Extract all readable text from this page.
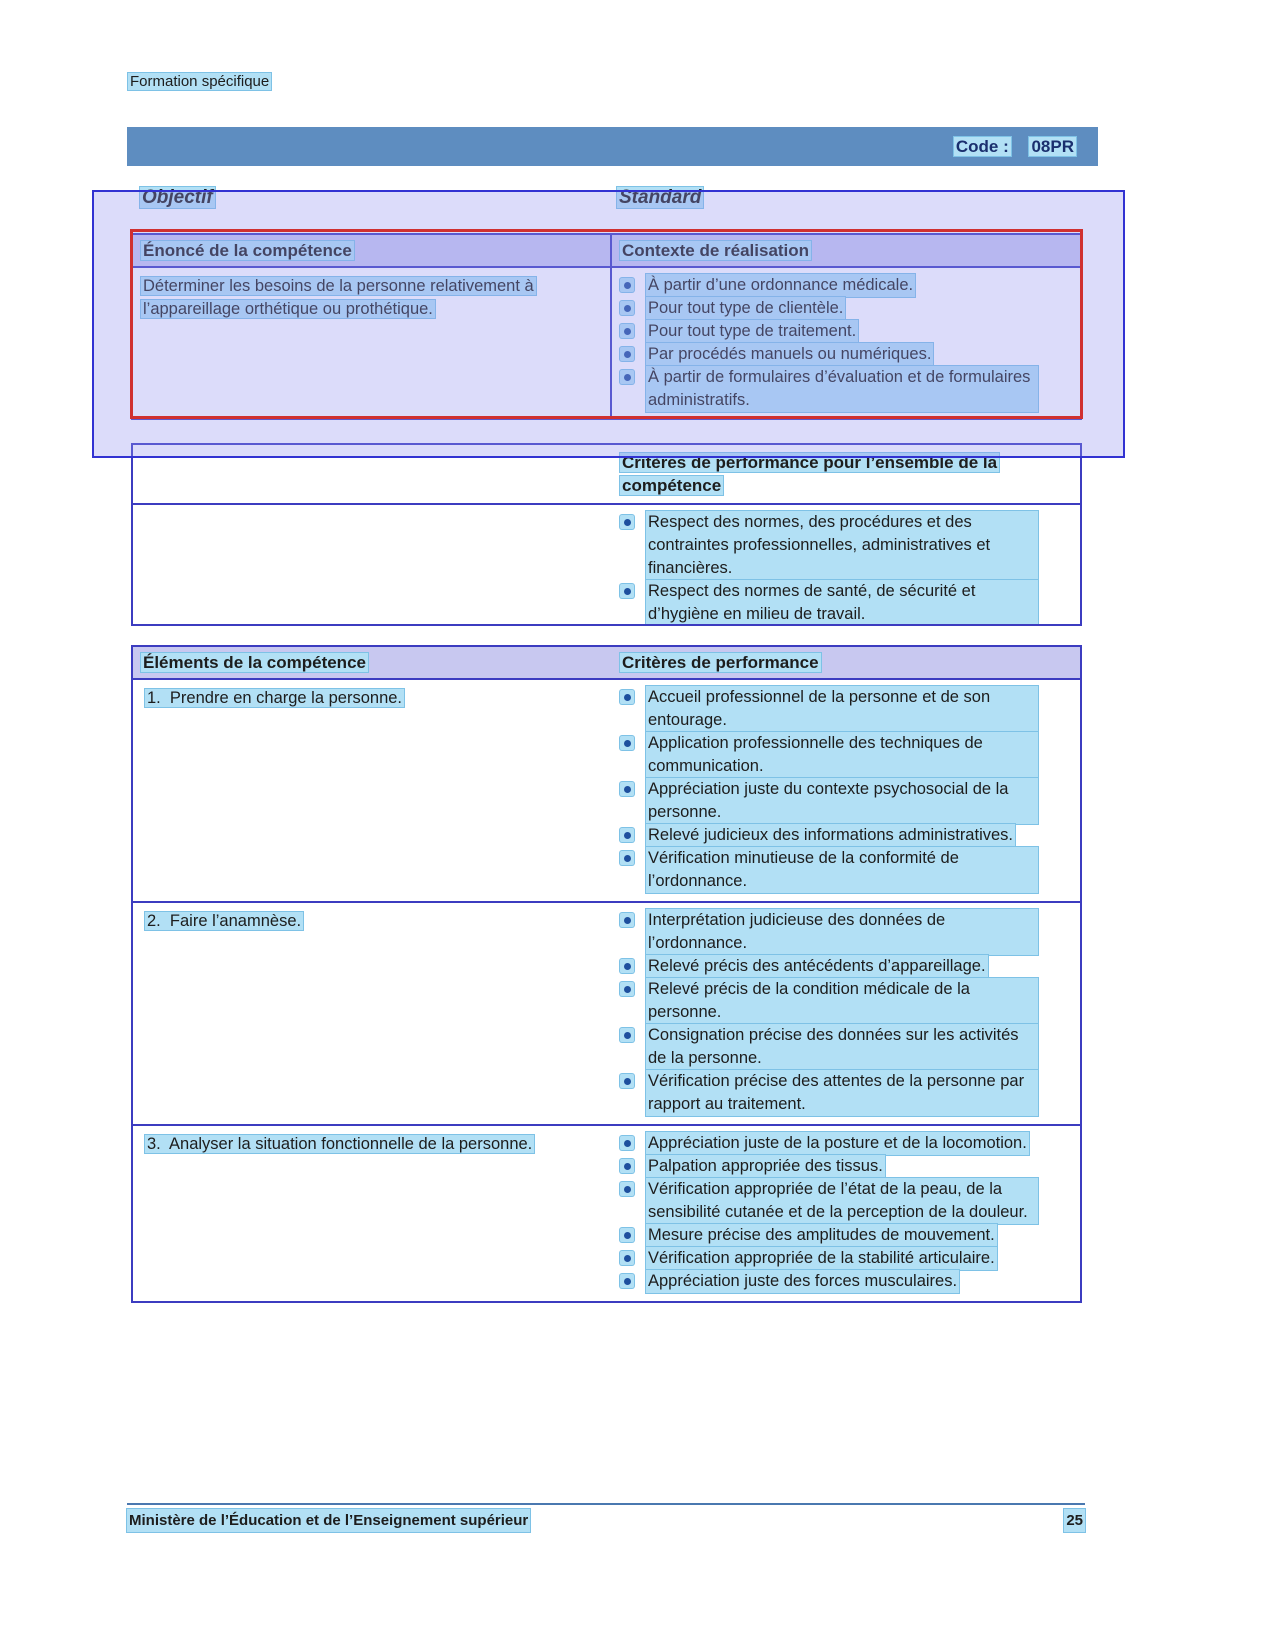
Formation spécifique
Code : 08PR
Objectif	Standard
Énoncé de la compétence	Contexte de réalisation
Déterminer les besoins de la personne relativement à l’appareillage orthétique ou prothétique.
À partir d’une ordonnance médicale.
Pour tout type de clientèle.
Pour tout type de traitement.
Par procédés manuels ou numériques.
À partir de formulaires d’évaluation et de formulaires administratifs.
Critères de performance pour l’ensemble de la compétence
Respect des normes, des procédures et des contraintes professionnelles, administratives et financières.
Respect des normes de santé, de sécurité et d’hygiène en milieu de travail.
Éléments de la compétence	Critères de performance
1.  Prendre en charge la personne.	Accueil professionnel de la personne et de son entourage.
Application professionnelle des techniques de communication.
Appréciation juste du contexte psychosocial de la personne.
Relevé judicieux des informations administratives.
Vérification minutieuse de la conformité de l’ordonnance.
2.  Faire l’anamnèse.	Interprétation judicieuse des données de l’ordonnance.
Relevé précis des antécédents d’appareillage.
Relevé précis de la condition médicale de la personne.
Consignation précise des données sur les activités de la personne.
Vérification précise des attentes de la personne par rapport au traitement.
3.  Analyser la situation fonctionnelle de la personne.	Appréciation juste de la posture et de la locomotion.
Palpation appropriée des tissus.
Vérification appropriée de l’état de la peau, de la sensibilité cutanée et de la perception de la douleur.
Mesure précise des amplitudes de mouvement.
Vérification appropriée de la stabilité articulaire.
Appréciation juste des forces musculaires.
Ministère de l’Éducation et de l’Enseignement supérieur	25
